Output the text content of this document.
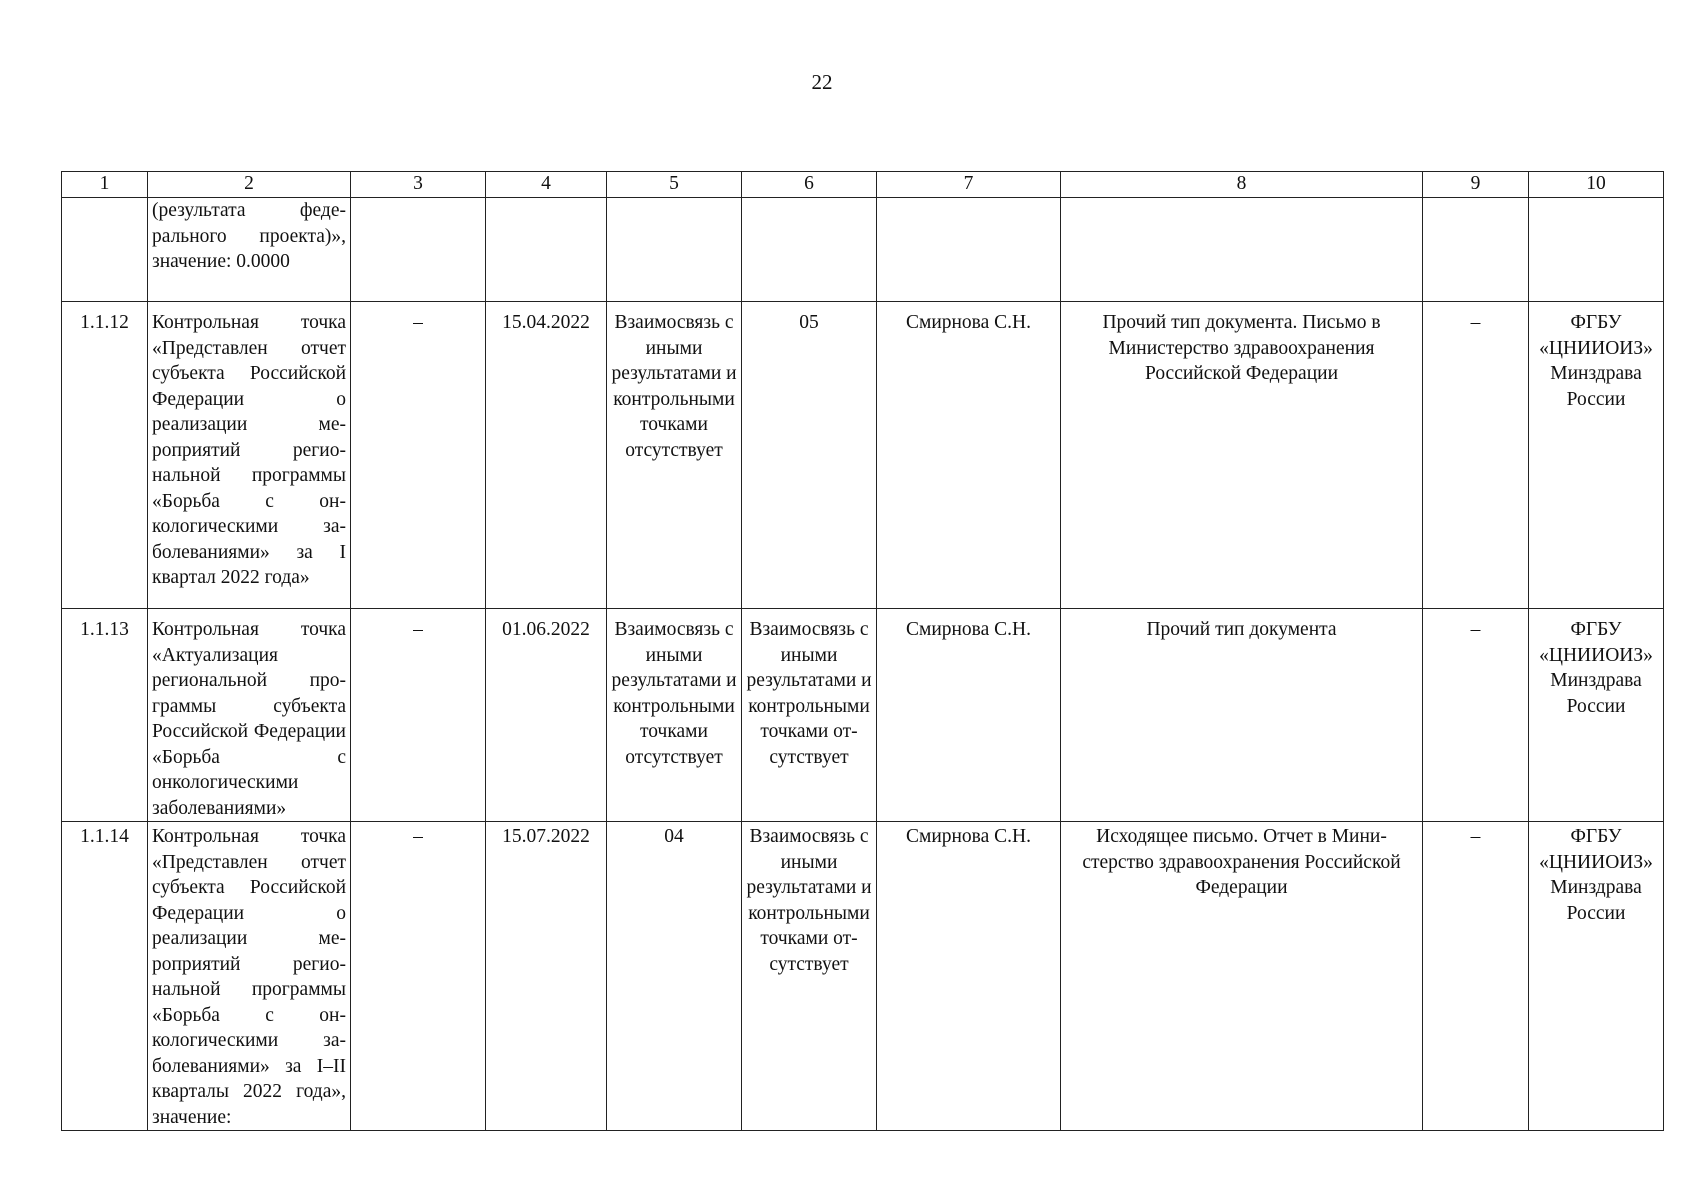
22
1	2	3	4	5	6	7	8	9	10
	(результата федерального проекта)», значение: 0.0000								
1.1.12	Контрольная точка «Представлен отчет субъекта Российской Федерации о реализации мероприятий региональной программы «Борьба с онкологическими заболеваниями» за I квартал 2022 года»	–	15.04.2022	Взаимосвязь с иными результатами и контрольными точками отсутствует	05	Смирнова С.Н.	Прочий тип документа. Письмо в Министерство здравоохранения Российской Федерации	–	ФГБУ «ЦНИИОИЗ» Минздрава России
1.1.13	Контрольная точка «Актуализация региональной программы субъекта Российской Федерации «Борьба с онкологическими заболеваниями»	–	01.06.2022	Взаимосвязь с иными результатами и контрольными точками отсутствует	Взаимосвязь с иными результатами и контрольными точками отсутствует	Смирнова С.Н.	Прочий тип документа	–	ФГБУ «ЦНИИОИЗ» Минздрава России
1.1.14	Контрольная точка «Представлен отчет субъекта Российской Федерации о реализации мероприятий региональной программы «Борьба с онкологическими заболеваниями» за I–II кварталы 2022 года», значение:	–	15.07.2022	04	Взаимосвязь с иными результатами и контрольными точками отсутствует	Смирнова С.Н.	Исходящее письмо. Отчет в Министерство здравоохранения Российской Федерации	–	ФГБУ «ЦНИИОИЗ» Минздрава России
